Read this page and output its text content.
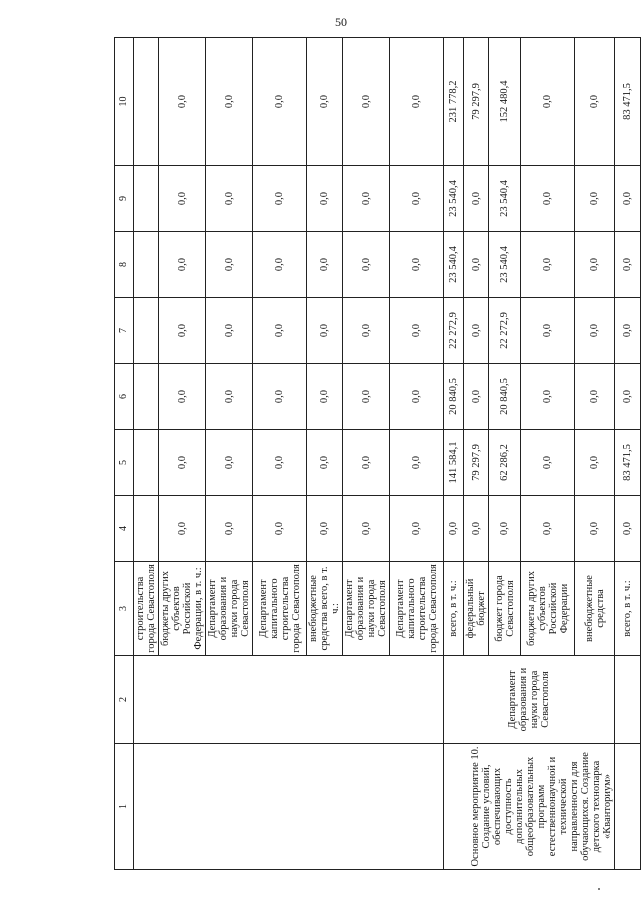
50
1	2	3	4	5	6	7	8	9	10
		строительства города Севастополя							
		бюджеты других субъектов Российской Федерации, в т. ч.:	0,0	0,0	0,0	0,0	0,0	0,0	0,0
		Департамент образования и науки города Севастополя	0,0	0,0	0,0	0,0	0,0	0,0	0,0
		Департамент капитального строительства города Севастополя	0,0	0,0	0,0	0,0	0,0	0,0	0,0
		внебюджетные средства всего, в т. ч.:	0,0	0,0	0,0	0,0	0,0	0,0	0,0
		Департамент образования и науки города Севастополя	0,0	0,0	0,0	0,0	0,0	0,0	0,0
		Департамент капитального строительства города Севастополя	0,0	0,0	0,0	0,0	0,0	0,0	0,0
Основное мероприятие 10. Создание условий, обеспечивающих доступность дополнительных общеобразовательных программ естественнонаучной и технической направленности для обучающихся. Создание детского технопарка «Кванториум»	Департамент образования и науки города Севастополя	всего, в т. ч.:	0,0	141 584,1	20 840,5	22 272,9	23 540,4	23 540,4	231 778,2
		федеральный бюджет	0,0	79 297,9	0,0	0,0	0,0	0,0	79 297,9
		бюджет города Севастополя	0,0	62 286,2	20 840,5	22 272,9	23 540,4	23 540,4	152 480,4
		бюджеты других субъектов Российской Федерации	0,0	0,0	0,0	0,0	0,0	0,0	0,0
		внебюджетные средства	0,0	0,0	0,0	0,0	0,0	0,0	0,0
		всего, в т. ч.:	0,0	83 471,5	0,0	0,0	0,0	0,0	83 471,5
